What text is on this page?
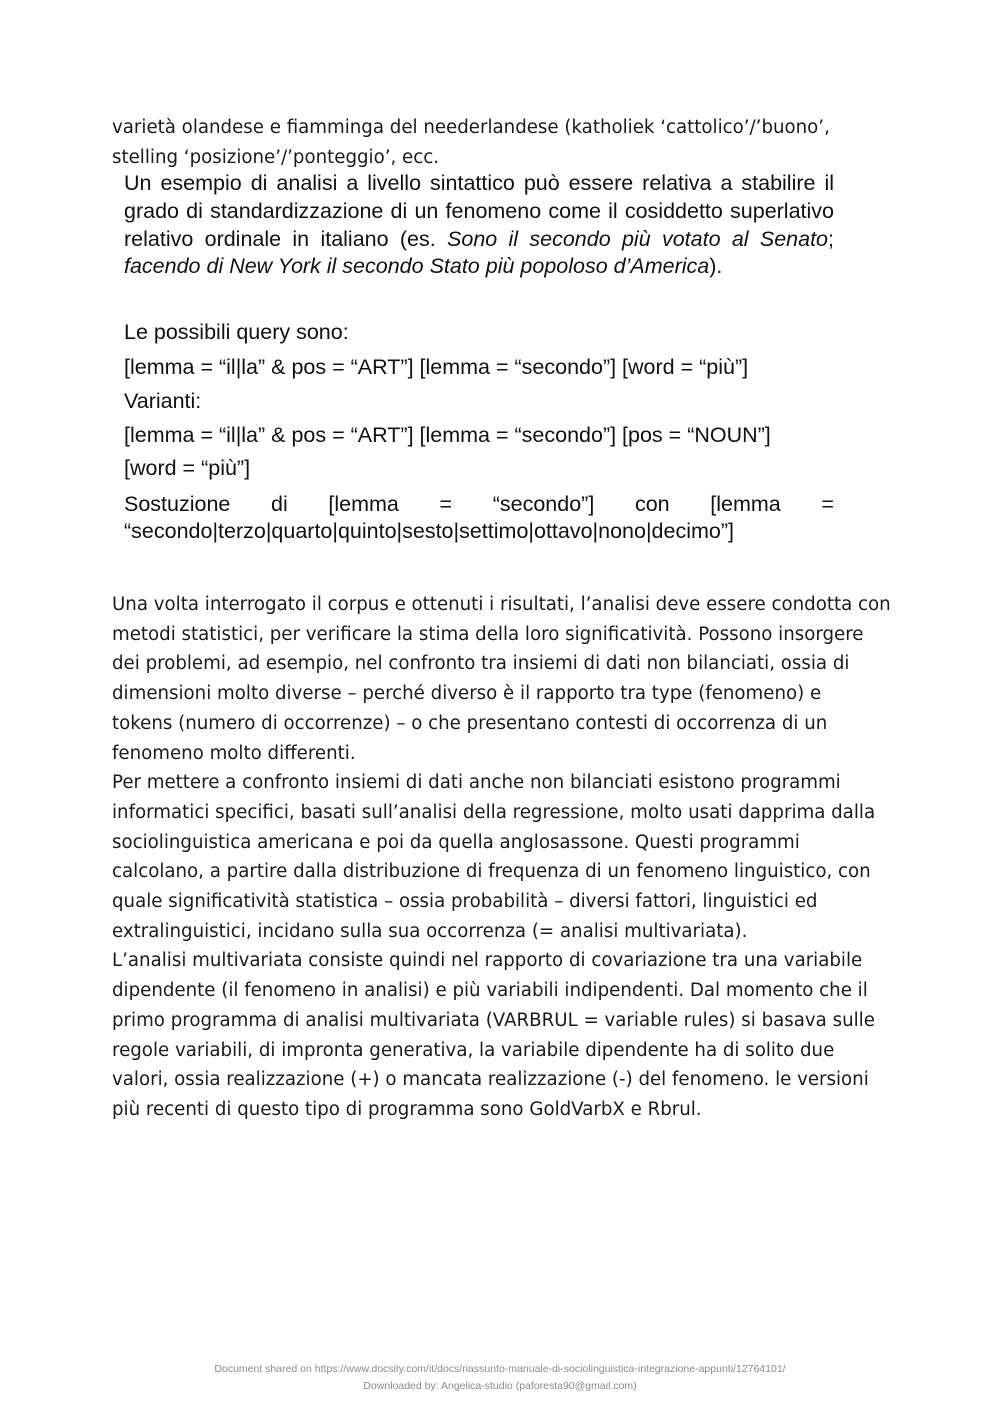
varietà olandese e fiamminga del neederlandese (katholiek ‘cattolico’/’buono’,
stelling ‘posizione’/’ponteggio’, ecc.
Un esempio di analisi a livello sintattico può essere relativa a stabilire il grado di standardizzazione di un fenomeno come il cosiddetto superlativo relativo ordinale in italiano (es. Sono il secondo più votato al Senato; facendo di New York il secondo Stato più popoloso d’America).
Le possibili query sono:
[lemma = “il|la” & pos = “ART”] [lemma = “secondo”] [word = “più”]
Varianti:
[lemma = “il|la” & pos = “ART”] [lemma = “secondo”] [pos = “NOUN”]
[word = “più”]
Sostuzione di [lemma = “secondo”] con [lemma =
“secondo|terzo|quarto|quinto|sesto|settimo|ottavo|nono|decimo”]
Una volta interrogato il corpus e ottenuti i risultati, l’analisi deve essere condotta con
metodi statistici, per verificare la stima della loro significatività. Possono insorgere
dei problemi, ad esempio, nel confronto tra insiemi di dati non bilanciati, ossia di
dimensioni molto diverse – perché diverso è il rapporto tra type (fenomeno) e
tokens (numero di occorrenze) – o che presentano contesti di occorrenza di un
fenomeno molto differenti.
Per mettere a confronto insiemi di dati anche non bilanciati esistono programmi
informatici specifici, basati sull’analisi della regressione, molto usati dapprima dalla
sociolinguistica americana e poi da quella anglosassone. Questi programmi
calcolano, a partire dalla distribuzione di frequenza di un fenomeno linguistico, con
quale significatività statistica – ossia probabilità – diversi fattori, linguistici ed
extralinguistici, incidano sulla sua occorrenza (= analisi multivariata).
L’analisi multivariata consiste quindi nel rapporto di covariazione tra una variabile
dipendente (il fenomeno in analisi) e più variabili indipendenti. Dal momento che il
primo programma di analisi multivariata (VARBRUL = variable rules) si basava sulle
regole variabili, di impronta generativa, la variabile dipendente ha di solito due
valori, ossia realizzazione (+) o mancata realizzazione (-) del fenomeno. le versioni
più recenti di questo tipo di programma sono GoldVarbX e Rbrul.
Document shared on https://www.docsity.com/it/docs/riassunto-manuale-di-sociolinguistica-integrazione-appunti/12764101/
Downloaded by: Angelica-studio (paforesta90@gmail.com)
